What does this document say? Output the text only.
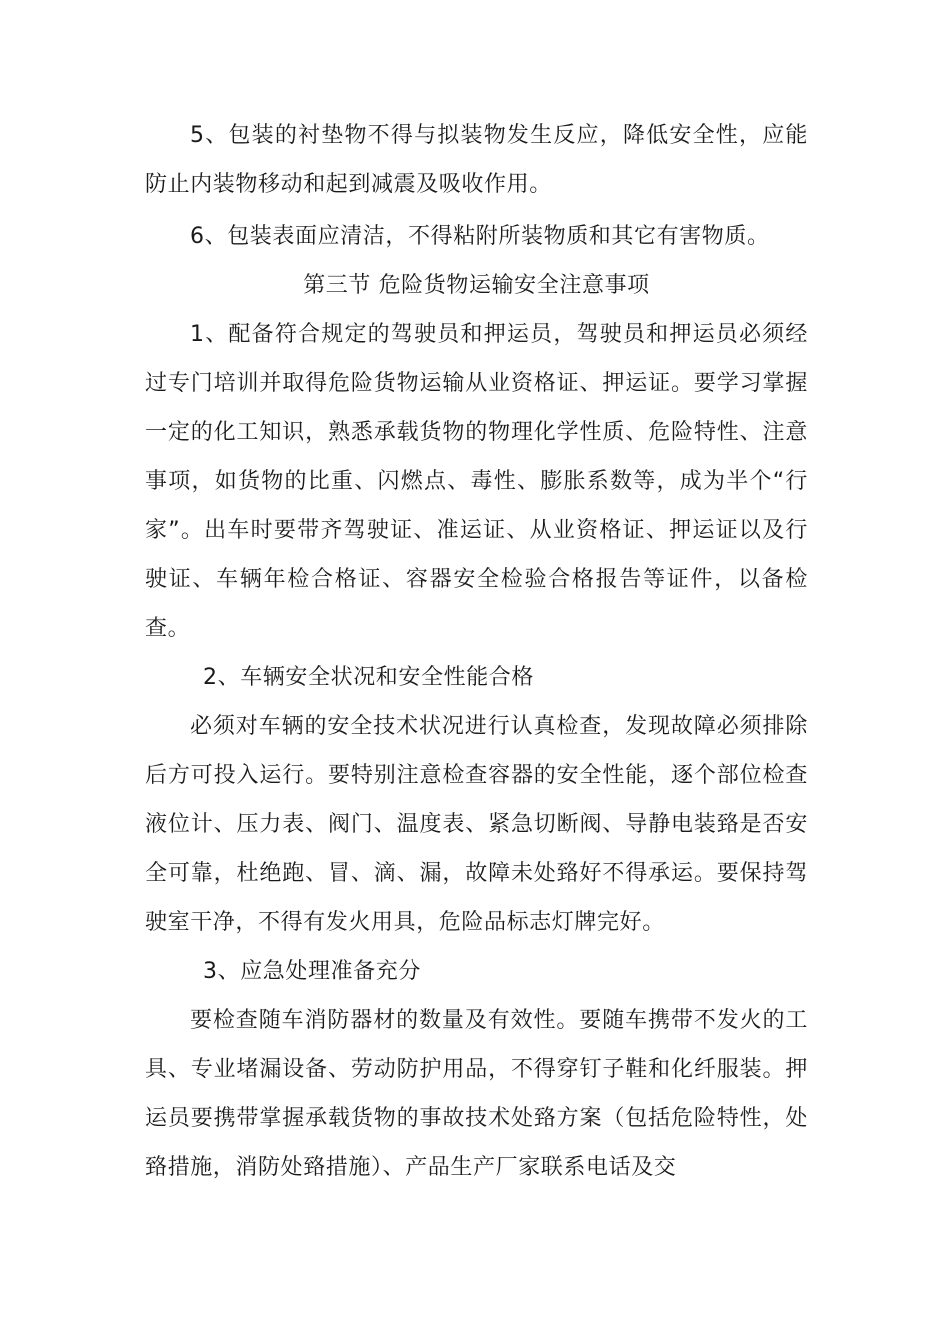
5、包装的衬垫物不得与拟装物发生反应，降低安全性，应能防止内装物移动和起到减震及吸收作用。

6、包装表面应清洁，不得粘附所装物质和其它有害物质。

第三节 危险货物运输安全注意事项

1、配备符合规定的驾驶员和押运员，驾驶员和押运员必须经过专门培训并取得危险货物运输从业资格证、押运证。要学习掌握一定的化工知识，熟悉承载货物的物理化学性质、危险特性、注意事项，如货物的比重、闪燃点、毒性、膨胀系数等，成为半个“行家”。出车时要带齐驾驶证、准运证、从业资格证、押运证以及行驶证、车辆年检合格证、容器安全检验合格报告等证件，以备检查。

2、车辆安全状况和安全性能合格

必须对车辆的安全技术状况进行认真检查，发现故障必须排除后方可投入运行。要特别注意检查容器的安全性能，逐个部位检查液位计、压力表、阀门、温度表、紧急切断阀、导静电装臵是否安全可靠，杜绝跑、冒、滴、漏，故障未处臵好不得承运。要保持驾驶室干净，不得有发火用具，危险品标志灯牌完好。

3、应急处理准备充分

要检查随车消防器材的数量及有效性。要随车携带不发火的工具、专业堵漏设备、劳动防护用品，不得穿钉子鞋和化纤服装。押运员要携带掌握承载货物的事故技术处臵方案（包括危险特性，处臵措施，消防处臵措施）、产品生产厂家联系电话及交
